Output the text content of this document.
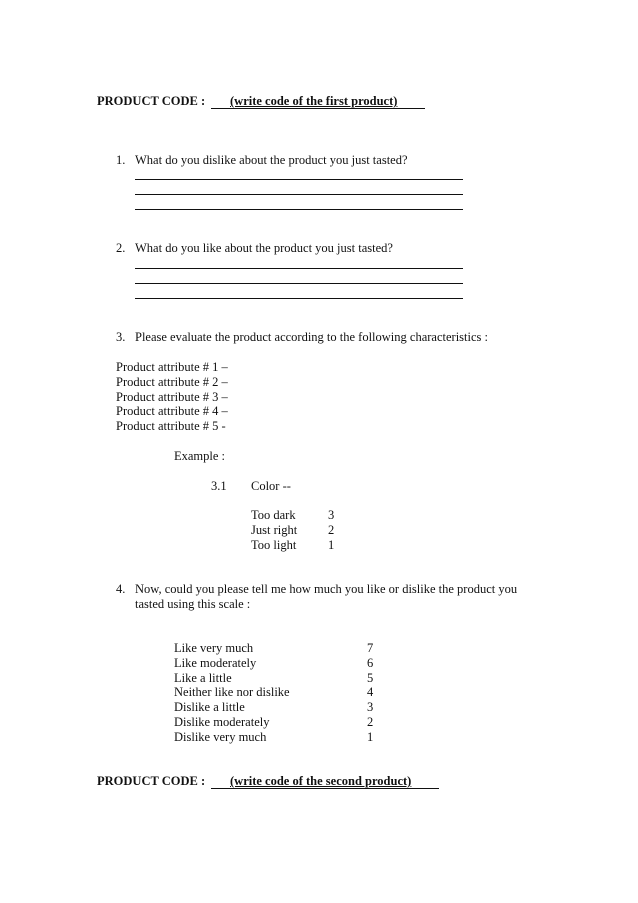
PRODUCT CODE : (write code of the first product)
1. What do you dislike about the product you just tasted?
2. What do you like about the product you just tasted?
3. Please evaluate the product according to the following characteristics :
Product attribute # 1 –
Product attribute # 2 –
Product attribute # 3 –
Product attribute # 4 –
Product attribute # 5 -
Example :
3.1 Color --
Too dark	3
Just right 2
Too light	1
4. Now, could you please tell me how much you like or dislike the product you
tasted using this scale :
Like very much	7
Like moderately	6
Like a little	5
Neither like nor dislike	4
Dislike a little	3
Dislike moderately	2
Dislike very much	1
PRODUCT CODE : (write code of the second product)
